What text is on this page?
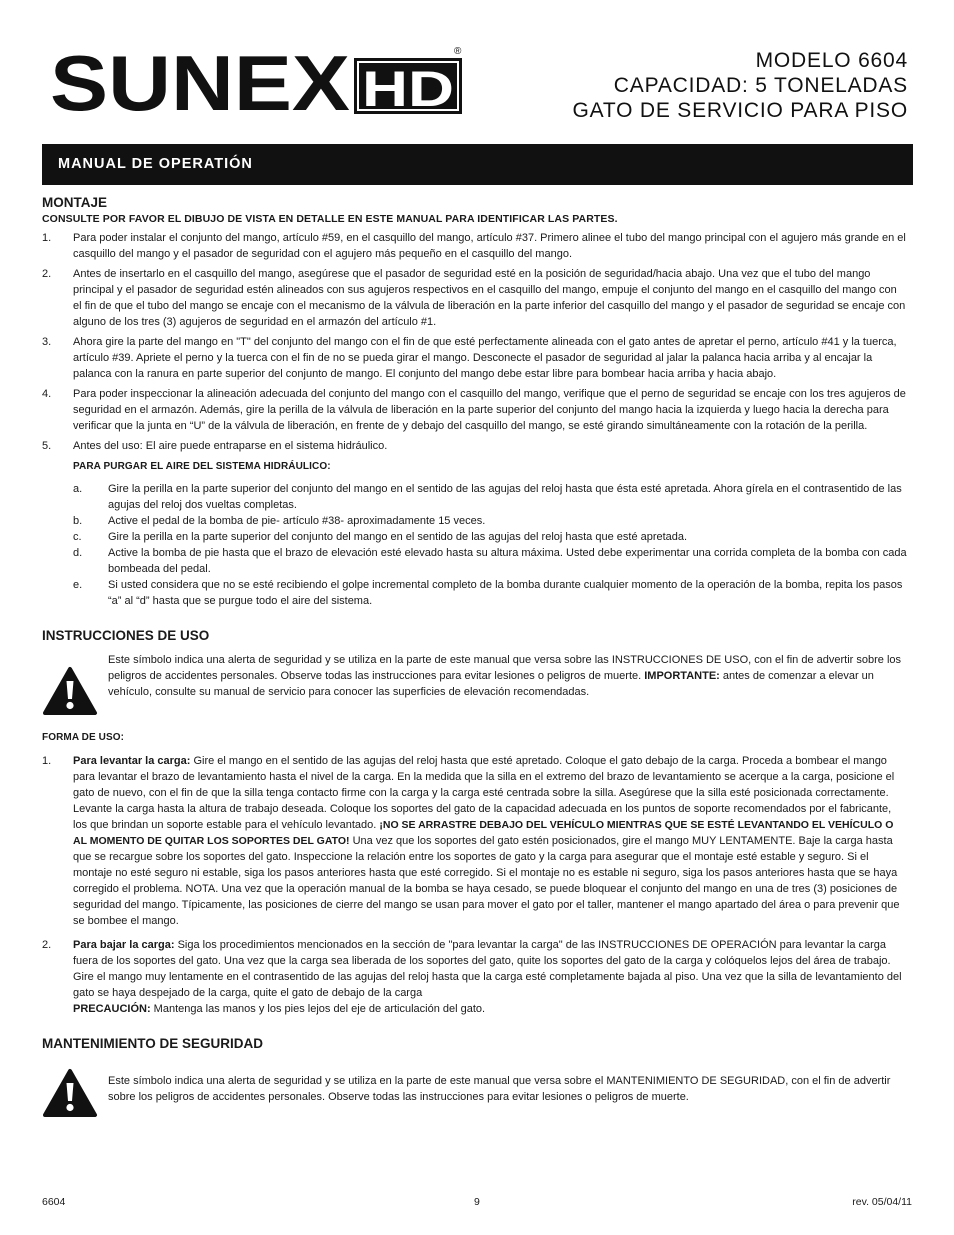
SUNEX HD
®	MODELO 6604
CAPACIDAD: 5 TONELADAS
GATO DE SERVICIO PARA PISO
MANUAL DE OPERATIÓN
MONTAJE
CONSULTE POR FAVOR EL DIBUJO DE VISTA EN DETALLE EN ESTE MANUAL PARA IDENTIFICAR LAS PARTES.
1. Para poder instalar el conjunto del mango, artículo #59, en el casquillo del mango, artículo #37. Primero alinee el tubo del mango principal con el agujero más grande en el casquillo del mango y el pasador de seguridad con el agujero más pequeño en el casquillo del mango.
2. Antes de insertarlo en el casquillo del mango, asegúrese que el pasador de seguridad esté en la posición de seguridad/hacia abajo. Una vez que el tubo del mango principal y el pasador de seguridad estén alineados con sus agujeros respectivos en el casquillo del mango, empuje el conjunto del mango en el casquillo del mango con el fin de que el tubo del mango se encaje con el mecanismo de la válvula de liberación en la parte inferior del casquillo del mango y el pasador de seguridad se encaje con alguno de los tres (3) agujeros de seguridad en el armazón del artículo #1.
3. Ahora gire la parte del mango en "T" del conjunto del mango con el fin de que esté perfectamente alineada con el gato antes de apretar el perno, artículo #41 y la tuerca, artículo #39. Apriete el perno y la tuerca con el fin de no se pueda girar el mango. Desconecte el pasador de seguridad al jalar la palanca hacia arriba y al encajar la palanca con la ranura en parte superior del conjunto de mango. El conjunto del mango debe estar libre para bombear hacia arriba y hacia abajo.
4. Para poder inspeccionar la alineación adecuada del conjunto del mango con el casquillo del mango, verifique que el perno de seguridad se encaje con los tres agujeros de seguridad en el armazón. Además, gire la perilla de la válvula de liberación en la parte superior del conjunto del mango hacia la izquierda y luego hacia la derecha para verificar que la junta en “U” de la válvula de liberación, en frente de y debajo del casquillo del mango, se esté girando simultáneamente con la rotación de la perilla.
5. Antes del uso: El aire puede entraparse en el sistema hidráulico.
PARA PURGAR EL AIRE DEL SISTEMA HIDRÁULICO:
a. Gire la perilla en la parte superior del conjunto del mango en el sentido de las agujas del reloj hasta que ésta esté apretada. Ahora gírela en el contrasentido de las agujas del reloj dos vueltas completas.
b. Active el pedal de la bomba de pie- artículo #38- aproximadamente 15 veces.
c. Gire la perilla en la parte superior del conjunto del mango en el sentido de las agujas del reloj hasta que esté apretada.
d. Active la bomba de pie hasta que el brazo de elevación esté elevado hasta su altura máxima. Usted debe experimentar una corrida completa de la bomba con cada bombeada del pedal.
e. Si usted considera que no se esté recibiendo el golpe incremental completo de la bomba durante cualquier momento de la operación de la bomba, repita los pasos “a” al “d” hasta que se purgue todo el aire del sistema.
INSTRUCCIONES DE USO
Este símbolo indica una alerta de seguridad y se utiliza en la parte de este manual que versa sobre las INSTRUCCIONES DE USO, con el fin de advertir sobre los peligros de accidentes personales. Observe todas las instrucciones para evitar lesiones o peligros de muerte. IMPORTANTE: antes de comenzar a elevar un vehículo, consulte su manual de servicio para conocer las superficies de elevación recomendadas.
FORMA DE USO:
1. Para levantar la carga: Gire el mango en el sentido de las agujas del reloj hasta que esté apretado. Coloque el gato debajo de la carga. Proceda a bombear el mango para levantar el brazo de levantamiento hasta el nivel de la carga. En la medida que la silla en el extremo del brazo de levantamiento se acerque a la carga, posicione el gato de nuevo, con el fin de que la silla tenga contacto firme con la carga y la carga esté centrada sobre la silla. Asegúrese que la silla esté posicionada correctamente. Levante la carga hasta la altura de trabajo deseada. Coloque los soportes del gato de la capacidad adecuada en los puntos de soporte recomendados por el fabricante, los que brindan un soporte estable para el vehículo levantado. ¡NO SE ARRASTRE DEBAJO DEL VEHÍCULO MIENTRAS QUE SE ESTÉ LEVANTANDO EL VEHÍCULO O AL MOMENTO DE QUITAR LOS SOPORTES DEL GATO! Una vez que los soportes del gato estén posicionados, gire el mango MUY LENTAMENTE. Baje la carga hasta que se recargue sobre los soportes del gato. Inspeccione la relación entre los soportes de gato y la carga para asegurar que el montaje esté estable y seguro. Si el montaje no esté seguro ni estable, siga los pasos anteriores hasta que esté corregido. Si el montaje no es estable ni seguro, siga los pasos anteriores hasta que se haya corregido el problema. NOTA. Una vez que la operación manual de la bomba se haya cesado, se puede bloquear el conjunto del mango en una de tres (3) posiciones de seguridad del mango. Típicamente, las posiciones de cierre del mango se usan para mover el gato por el taller, mantener el mango apartado del área o para prevenir que se bombee el mango.
2. Para bajar la carga: Siga los procedimientos mencionados en la sección de "para levantar la carga" de las INSTRUCCIONES DE OPERACIÓN para levantar la carga fuera de los soportes del gato. Una vez que la carga sea liberada de los soportes del gato, quite los soportes del gato de la carga y colóquelos lejos del área de trabajo. Gire el mango muy lentamente en el contrasentido de las agujas del reloj hasta que la carga esté completamente bajada al piso. Una vez que la silla de levantamiento del gato se haya despejado de la carga, quite el gato de debajo de la carga
PRECAUCIÓN: Mantenga las manos y los pies lejos del eje de articulación del gato.
MANTENIMIENTO DE SEGURIDAD
Este símbolo indica una alerta de seguridad y se utiliza en la parte de este manual que versa sobre el MANTENIMIENTO DE SEGURIDAD, con el fin de advertir sobre los peligros de accidentes personales. Observe todas las instrucciones para evitar lesiones o peligros de muerte.
6604	9	rev. 05/04/11
